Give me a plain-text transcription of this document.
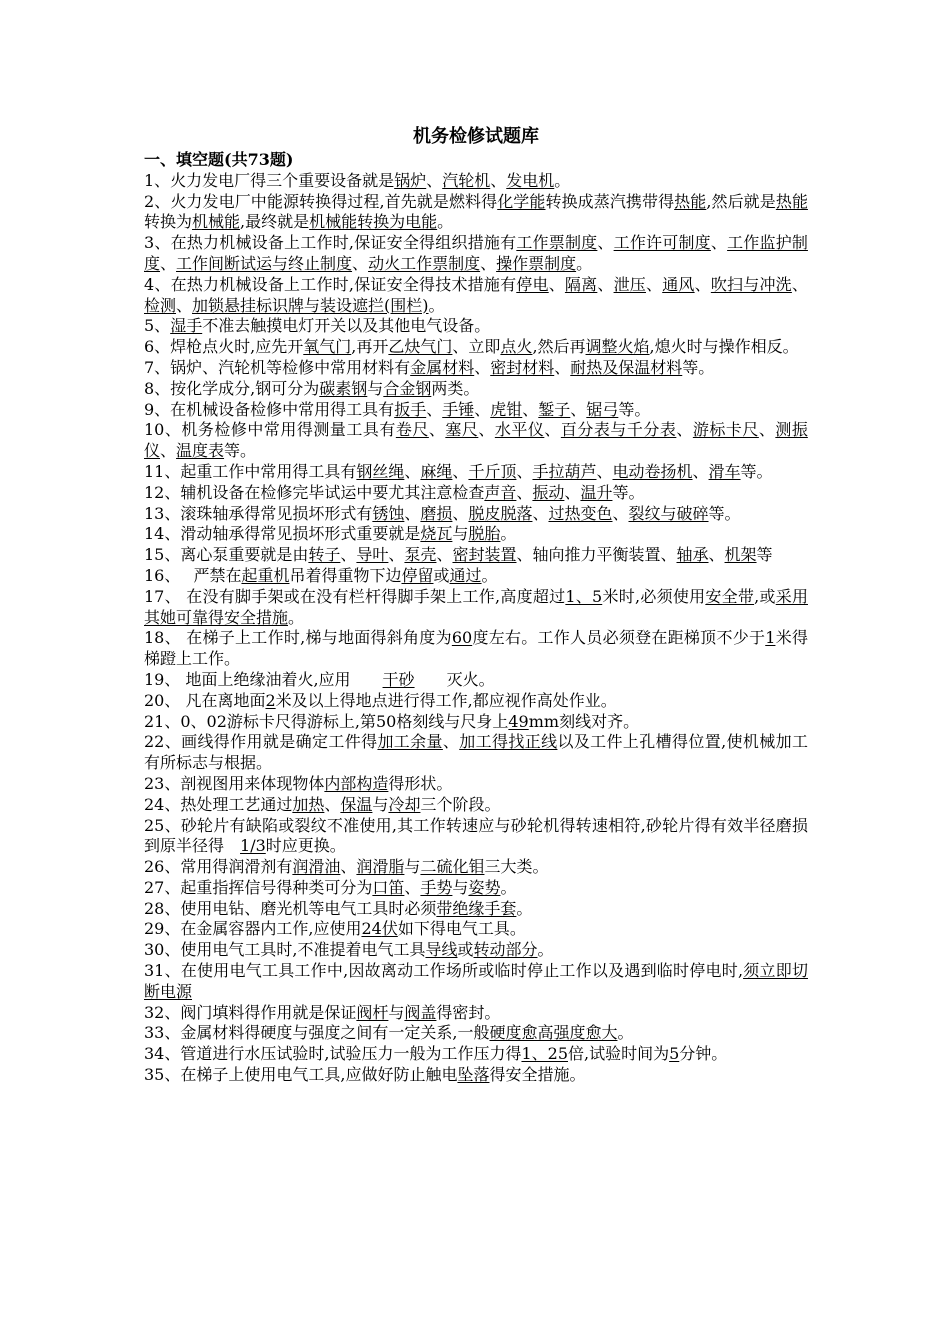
机务检修试题库

一、填空题(共73题)

1、火力发电厂得三个重要设备就是锅炉、汽轮机、发电机。

2、火力发电厂中能源转换得过程,首先就是燃料得化学能转换成蒸汽携带得热能,然后就是热能转换为机械能,最终就是机械能转换为电能。

3、在热力机械设备上工作时,保证安全得组织措施有工作票制度、工作许可制度、工作监护制度、工作间断试运与终止制度、动火工作票制度、操作票制度。

4、在热力机械设备上工作时,保证安全得技术措施有停电、隔离、泄压、通风、吹扫与冲洗、检测、加锁悬挂标识牌与装设遮拦(围栏)。

5、湿手不准去触摸电灯开关以及其他电气设备。

6、焊枪点火时,应先开氧气门,再开乙炔气门、立即点火,然后再调整火焰,熄火时与操作相反。

7、锅炉、汽轮机等检修中常用材料有金属材料、密封材料、耐热及保温材料等。

8、按化学成分,钢可分为碳素钢与合金钢两类。

9、在机械设备检修中常用得工具有扳手、手锤、虎钳、錾子、锯弓等。

10、机务检修中常用得测量工具有卷尺、塞尺、水平仪、百分表与千分表、游标卡尺、测振仪、温度表等。

11、起重工作中常用得工具有钢丝绳、麻绳、千斤顶、手拉葫芦、电动卷扬机、滑车等。

12、辅机设备在检修完毕试运中要尤其注意检查声音、振动、温升等。

13、滚珠轴承得常见损坏形式有锈蚀、磨损、脱皮脱落、过热变色、裂纹与破碎等。

14、滑动轴承得常见损坏形式重要就是烧瓦与脱胎。

15、离心泵重要就是由转子、导叶、泵壳、密封装置、轴向推力平衡装置、轴承、机架等

16、　 严禁在起重机吊着得重物下边停留或通过。

17、 在没有脚手架或在没有栏杆得脚手架上工作,高度超过1、5米时,必须使用安全带,或采用其她可靠得安全措施。

18、 在梯子上工作时,梯与地面得斜角度为60度左右。工作人员必须登在距梯顶不少于1米得梯蹬上工作。

19、 地面上绝缘油着火,应用　　干砂　　灭火。

20、 凡在离地面2米及以上得地点进行得工作,都应视作高处作业。

21、0、02游标卡尺得游标上,第50格刻线与尺身上49mm刻线对齐。

22、画线得作用就是确定工件得加工余量、加工得找正线以及工件上孔槽得位置,使机械加工有所标志与根据。

23、剖视图用来体现物体内部构造得形状。

24、热处理工艺通过加热、保温与冷却三个阶段。

25、砂轮片有缺陷或裂纹不准使用,其工作转速应与砂轮机得转速相符,砂轮片得有效半径磨损到原半径得　1/3时应更换。

26、常用得润滑剂有润滑油、润滑脂与二硫化钼三大类。

27、起重指挥信号得种类可分为口笛、手势与姿势。

28、使用电钻、磨光机等电气工具时必须带绝缘手套。

29、在金属容器内工作,应使用24伏如下得电气工具。

30、使用电气工具时,不准提着电气工具导线或转动部分。

31、在使用电气工具工作中,因故离动工作场所或临时停止工作以及遇到临时停电时,须立即切断电源

32、阀门填料得作用就是保证阀杆与阀盖得密封。

33、金属材料得硬度与强度之间有一定关系,一般硬度愈高强度愈大。

34、管道进行水压试验时,试验压力一般为工作压力得1、25倍,试验时间为5分钟。

35、在梯子上使用电气工具,应做好防止触电坠落得安全措施。
